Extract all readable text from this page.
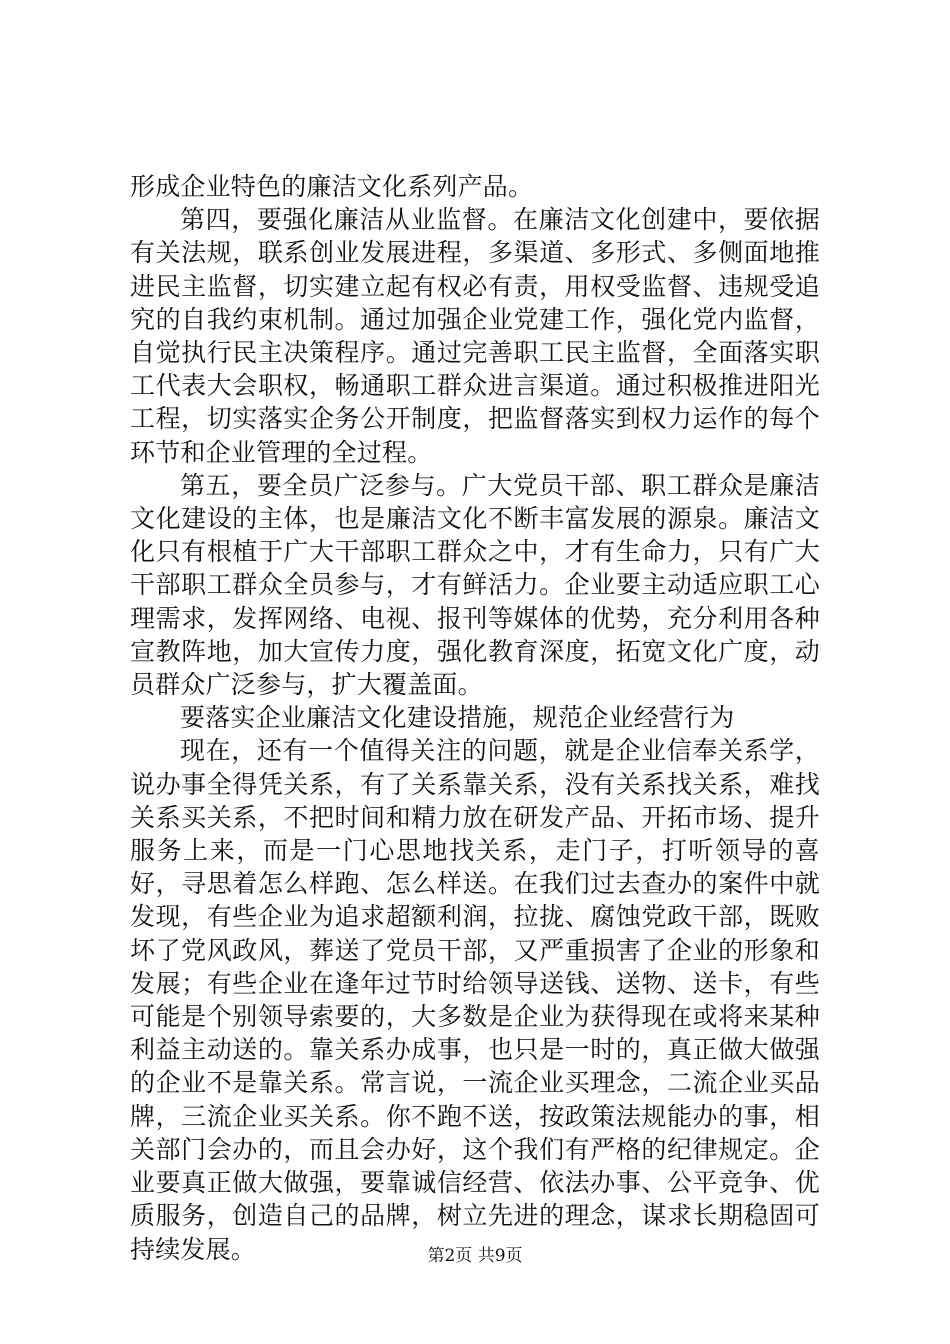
形成企业特色的廉洁文化系列产品。

第四，要强化廉洁从业监督。在廉洁文化创建中，要依据有关法规，联系创业发展进程，多渠道、多形式、多侧面地推进民主监督，切实建立起有权必有责，用权受监督、违规受追究的自我约束机制。通过加强企业党建工作，强化党内监督，自觉执行民主决策程序。通过完善职工民主监督，全面落实职工代表大会职权，畅通职工群众进言渠道。通过积极推进阳光工程，切实落实企务公开制度，把监督落实到权力运作的每个环节和企业管理的全过程。

第五，要全员广泛参与。广大党员干部、职工群众是廉洁文化建设的主体，也是廉洁文化不断丰富发展的源泉。廉洁文化只有根植于广大干部职工群众之中，才有生命力，只有广大干部职工群众全员参与，才有鲜活力。企业要主动适应职工心理需求，发挥网络、电视、报刊等媒体的优势，充分利用各种宣教阵地，加大宣传力度，强化教育深度，拓宽文化广度，动员群众广泛参与，扩大覆盖面。

要落实企业廉洁文化建设措施，规范企业经营行为

现在，还有一个值得关注的问题，就是企业信奉关系学，说办事全得凭关系，有了关系靠关系，没有关系找关系，难找关系买关系，不把时间和精力放在研发产品、开拓市场、提升服务上来，而是一门心思地找关系，走门子，打听领导的喜好，寻思着怎么样跑、怎么样送。在我们过去查办的案件中就发现，有些企业为追求超额利润，拉拢、腐蚀党政干部，既败坏了党风政风，葬送了党员干部，又严重损害了企业的形象和发展；有些企业在逢年过节时给领导送钱、送物、送卡，有些可能是个别领导索要的，大多数是企业为获得现在或将来某种利益主动送的。靠关系办成事，也只是一时的，真正做大做强的企业不是靠关系。常言说，一流企业买理念，二流企业买品牌，三流企业买关系。你不跑不送，按政策法规能办的事，相关部门会办的，而且会办好，这个我们有严格的纪律规定。企业要真正做大做强，要靠诚信经营、依法办事、公平竞争、优质服务，创造自己的品牌，树立先进的理念，谋求长期稳固可持续发展。	第2页 共9页
